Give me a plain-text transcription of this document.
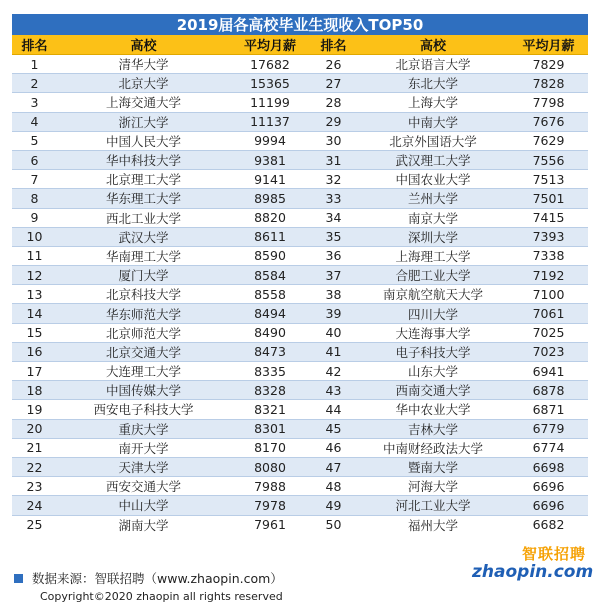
2019届各高校毕业生现收入TOP50
排名	高校	平均月薪	排名	高校	平均月薪
1	清华大学	17682	26	北京语言大学	7829
2	北京大学	15365	27	东北大学	7828
3	上海交通大学	11199	28	上海大学	7798
4	浙江大学	11137	29	中南大学	7676
5	中国人民大学	9994	30	北京外国语大学	7629
6	华中科技大学	9381	31	武汉理工大学	7556
7	北京理工大学	9141	32	中国农业大学	7513
8	华东理工大学	8985	33	兰州大学	7501
9	西北工业大学	8820	34	南京大学	7415
10	武汉大学	8611	35	深圳大学	7393
11	华南理工大学	8590	36	上海理工大学	7338
12	厦门大学	8584	37	合肥工业大学	7192
13	北京科技大学	8558	38	南京航空航天大学	7100
14	华东师范大学	8494	39	四川大学	7061
15	北京师范大学	8490	40	大连海事大学	7025
16	北京交通大学	8473	41	电子科技大学	7023
17	大连理工大学	8335	42	山东大学	6941
18	中国传媒大学	8328	43	西南交通大学	6878
19	西安电子科技大学	8321	44	华中农业大学	6871
20	重庆大学	8301	45	吉林大学	6779
21	南开大学	8170	46	中南财经政法大学	6774
22	天津大学	8080	47	暨南大学	6698
23	西安交通大学	7988	48	河海大学	6696
24	中山大学	7978	49	河北工业大学	6696
25	湖南大学	7961	50	福州大学	6682
数据来源：智联招聘（www.zhaopin.com）
Copyright©2020 zhaopin all rights reserved
智联招聘
zhaopin.com
